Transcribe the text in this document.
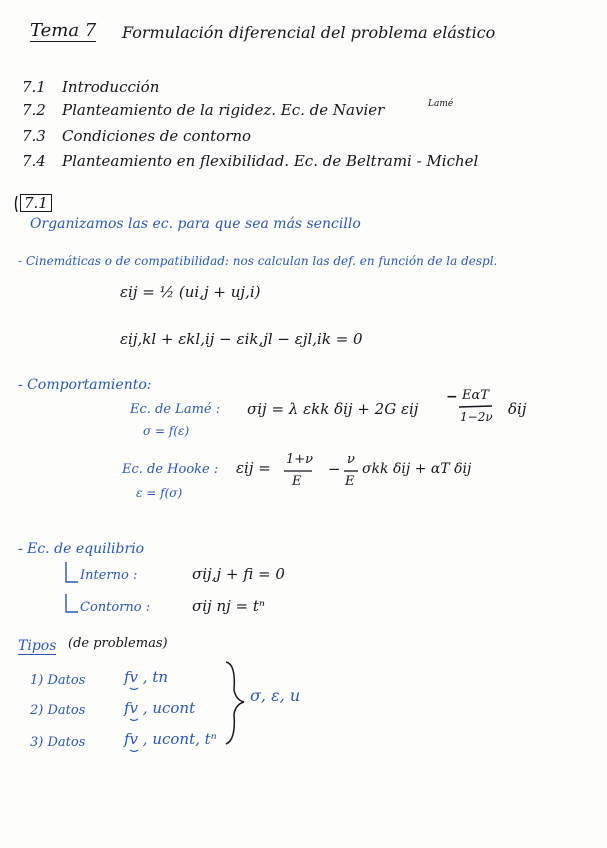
Tema 7 Formulación diferencial del problema elástico
7.1 Introducción
7.2 Planteamiento de la rigidez. Ec. de Navier	Lamé
7.3 Condiciones de contorno
7.4 Planteamiento en flexibilidad. Ec. de Beltrami - Michel
7.1
Organizamos las ec. para que sea más sencillo
- Cinemáticas o de compatibilidad: nos calculan las def. en función de la despl.
εij = ½ (ui,j + uj,i)
εij,kl + εkl,ij − εik,jl − εjl,ik = 0
- Comportamiento:
Ec. de Lamé :
σ = f(ε)
σij = λ εkk δij + 2G εij
− EαT
1−2ν δij
Ec. de Hooke :
ε = f(σ)
εij = 1+ν
E
−
ν
E
σkk δij + αT δij
- Ec. de equilibrio
Interno :	σij,j + fi = 0
Contorno :	σij nj = tⁿ
Tipos (de problemas)
1) Datos	fv , tn
2) Datos	fv , ucont
3) Datos	fv , ucont, tⁿ
σ, ε, u
